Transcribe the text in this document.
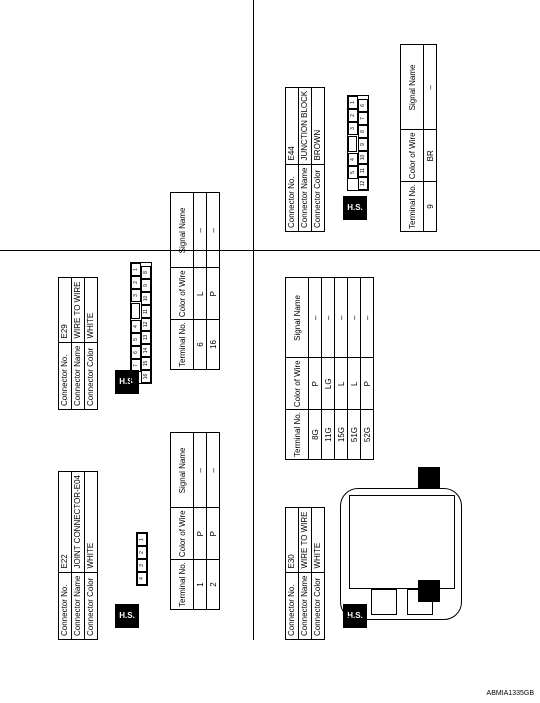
Connector No.	E22
Connector Name	JOINT CONNECTOR-E04
Connector Color	WHITE
H.S.
4
3
2
1
Terminal No.	Color of Wire	Signal Name
1	P	–
2	P	–
Connector No.	E29
Connector Name	WIRE TO WIRE
Connector Color	WHITE
H.S.
7
6
5
4
3
2
1
16
15
14
13
12
11
10
9
8
Terminal No.	Color of Wire	Signal Name
6	L	–
16	P	–
Connector No.	E30
Connector Name	WIRE TO WIRE
Connector Color	WHITE
H.S.
Terminal No.	Color of Wire	Signal Name
8G	P	–
11G	LG	–
15G	L	–
51G	L	–
52G	P	–
Connector No.	E44
Connector Name	JUNCTION BLOCK
Connector Color	BROWN
H.S.
5
4
3
2
1
12
11
10
9
8
7
6
Terminal No.	Color of Wire	Signal Name
9	BR	–
ABMIA1335GB
